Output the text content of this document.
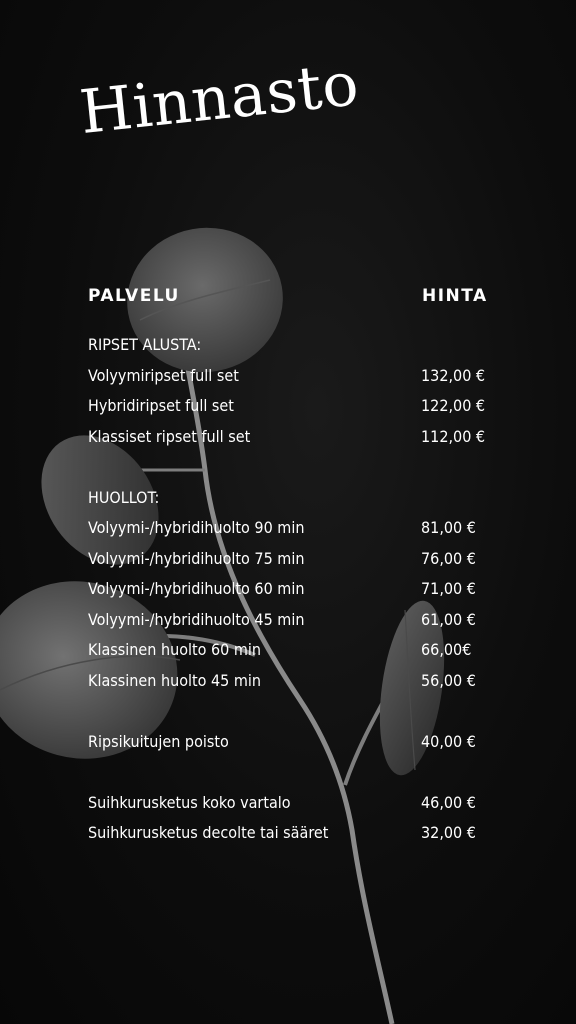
Hinnasto
PALVELU	HINTA
RIPSET ALUSTA:
Volyymiripset full set	132,00 €
Hybridiripset full set	122,00 €
Klassiset ripset full set	112,00 €
HUOLLOT:
Volyymi-/hybridihuolto 90 min	81,00 €
Volyymi-/hybridihuolto 75 min	76,00 €
Volyymi-/hybridihuolto 60 min	71,00 €
Volyymi-/hybridihuolto 45 min	61,00 €
Klassinen huolto 60 min	66,00€
Klassinen huolto 45 min	56,00 €
Ripsikuitujen poisto	40,00 €
Suihkurusketus koko vartalo	46,00 €
Suihkurusketus decolte tai sääret	32,00 €
